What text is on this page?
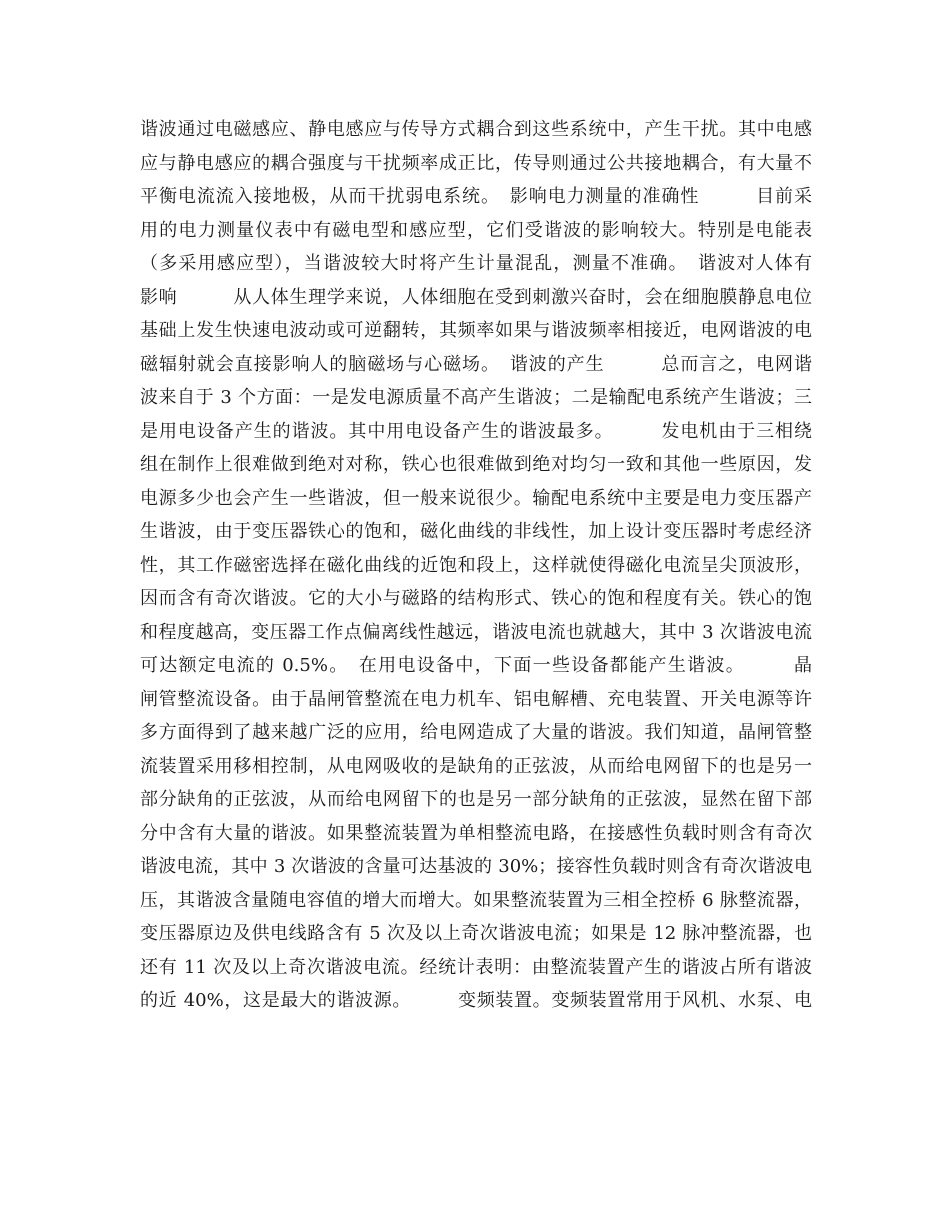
谐波通过电磁感应、静电感应与传导方式耦合到这些系统中，产生干扰。其中电感
应与静电感应的耦合强度与干扰频率成正比，传导则通过公共接地耦合，有大量不
平衡电流流入接地极，从而干扰弱电系统。　影响电力测量的准确性　　　目前采
用的电力测量仪表中有磁电型和感应型，它们受谐波的影响较大。特别是电能表
（多采用感应型），当谐波较大时将产生计量混乱，测量不准确。　谐波对人体有
影响　　　从人体生理学来说，人体细胞在受到刺激兴奋时，会在细胞膜静息电位
基础上发生快速电波动或可逆翻转，其频率如果与谐波频率相接近，电网谐波的电
磁辐射就会直接影响人的脑磁场与心磁场。　谐波的产生　　　总而言之，电网谐
波来自于 3 个方面：一是发电源质量不高产生谐波；二是输配电系统产生谐波；三
是用电设备产生的谐波。其中用电设备产生的谐波最多。　　　发电机由于三相绕
组在制作上很难做到绝对对称，铁心也很难做到绝对均匀一致和其他一些原因，发
电源多少也会产生一些谐波，但一般来说很少。输配电系统中主要是电力变压器产
生谐波，由于变压器铁心的饱和，磁化曲线的非线性，加上设计变压器时考虑经济
性，其工作磁密选择在磁化曲线的近饱和段上，这样就使得磁化电流呈尖顶波形，
因而含有奇次谐波。它的大小与磁路的结构形式、铁心的饱和程度有关。铁心的饱
和程度越高，变压器工作点偏离线性越远，谐波电流也就越大，其中 3 次谐波电流
可达额定电流的 0.5%。　在用电设备中，下面一些设备都能产生谐波。　　　晶
闸管整流设备。由于晶闸管整流在电力机车、铝电解槽、充电装置、开关电源等许
多方面得到了越来越广泛的应用，给电网造成了大量的谐波。我们知道，晶闸管整
流装置采用移相控制，从电网吸收的是缺角的正弦波，从而给电网留下的也是另一
部分缺角的正弦波，从而给电网留下的也是另一部分缺角的正弦波，显然在留下部
分中含有大量的谐波。如果整流装置为单相整流电路，在接感性负载时则含有奇次
谐波电流，其中 3 次谐波的含量可达基波的 30%；接容性负载时则含有奇次谐波电
压，其谐波含量随电容值的增大而增大。如果整流装置为三相全控桥 6 脉整流器，
变压器原边及供电线路含有 5 次及以上奇次谐波电流；如果是 12 脉冲整流器，也
还有 11 次及以上奇次谐波电流。经统计表明：由整流装置产生的谐波占所有谐波
的近 40%，这是最大的谐波源。　　　变频装置。变频装置常用于风机、水泵、电
